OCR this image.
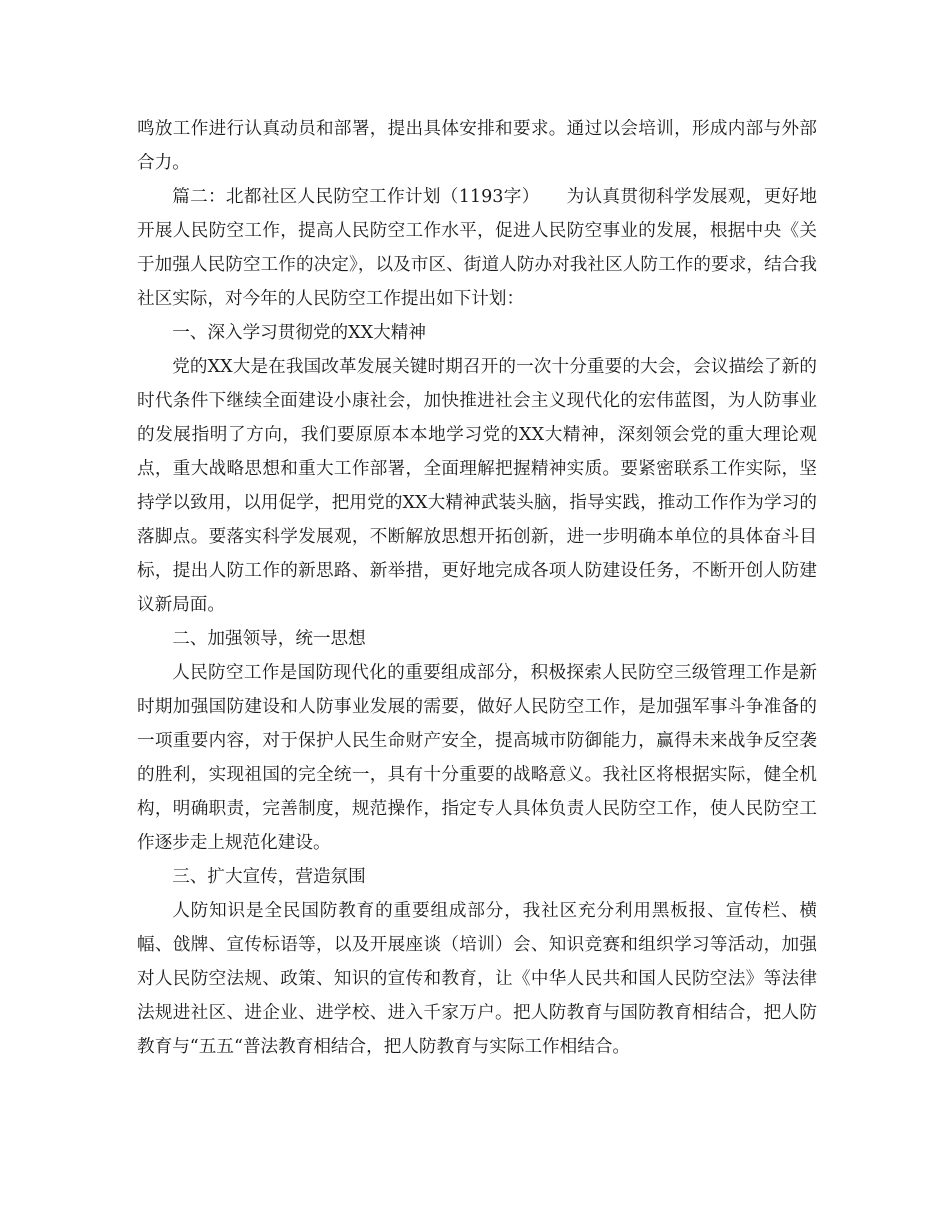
鸣放工作进行认真动员和部署，提出具体安排和要求。通过以会培训，形成内部与外部合力。

篇二：北都社区人民防空工作计划（1193字）　　为认真贯彻科学发展观，更好地开展人民防空工作，提高人民防空工作水平，促进人民防空事业的发展，根据中央《关于加强人民防空工作的决定》，以及市区、街道人防办对我社区人防工作的要求，结合我社区实际，对今年的人民防空工作提出如下计划：

一、深入学习贯彻党的XX大精神

党的XX大是在我国改革发展关键时期召开的一次十分重要的大会，会议描绘了新的时代条件下继续全面建设小康社会，加快推进社会主义现代化的宏伟蓝图，为人防事业的发展指明了方向，我们要原原本本地学习党的XX大精神，深刻领会党的重大理论观点，重大战略思想和重大工作部署，全面理解把握精神实质。要紧密联系工作实际，坚持学以致用，以用促学，把用党的XX大精神武装头脑，指导实践，推动工作作为学习的落脚点。要落实科学发展观，不断解放思想开拓创新，进一步明确本单位的具体奋斗目标，提出人防工作的新思路、新举措，更好地完成各项人防建设任务，不断开创人防建议新局面。

二、加强领导，统一思想

人民防空工作是国防现代化的重要组成部分，积极探索人民防空三级管理工作是新时期加强国防建设和人防事业发展的需要，做好人民防空工作，是加强军事斗争准备的一项重要内容，对于保护人民生命财产安全，提高城市防御能力，赢得未来战争反空袭的胜利，实现祖国的完全统一，具有十分重要的战略意义。我社区将根据实际，健全机构，明确职责，完善制度，规范操作，指定专人具体负责人民防空工作，使人民防空工作逐步走上规范化建设。

三、扩大宣传，营造氛围

人防知识是全民国防教育的重要组成部分，我社区充分利用黑板报、宣传栏、横幅、戗牌、宣传标语等，以及开展座谈（培训）会、知识竞赛和组织学习等活动，加强对人民防空法规、政策、知识的宣传和教育，让《中华人民共和国人民防空法》等法律法规进社区、进企业、进学校、进入千家万户。把人防教育与国防教育相结合，把人防教育与“五五“普法教育相结合，把人防教育与实际工作相结合。
